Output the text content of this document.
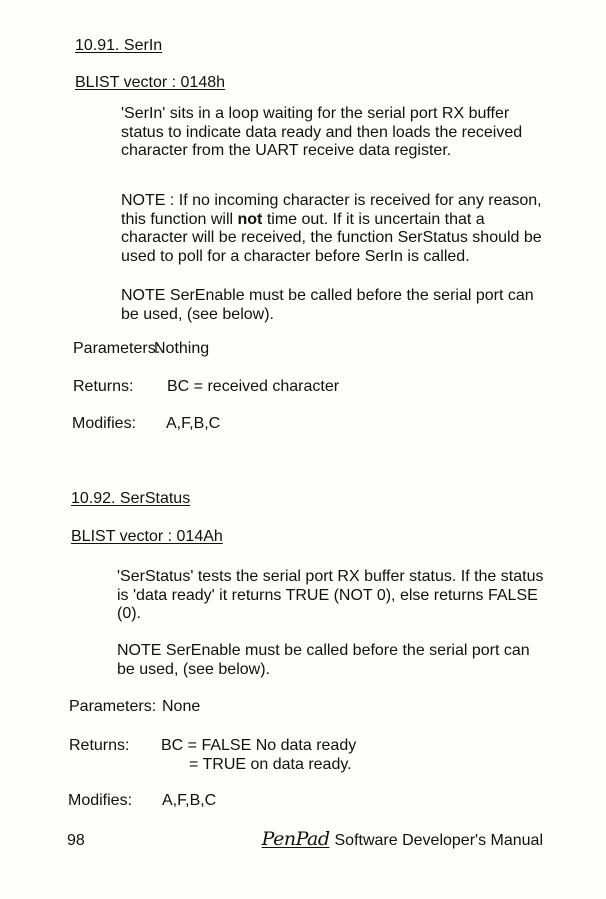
10.91. SerIn
BLIST vector : 0148h
'SerIn' sits in a loop waiting for the serial port RX buffer status to indicate data ready and then loads the received character from the UART receive data register.
NOTE : If no incoming character is received for any reason, this function will not time out. If it is uncertain that a character will be received, the function SerStatus should be used to poll for a character before SerIn is called.
NOTE SerEnable must be called before the serial port can be used, (see below).
Parameters:
Nothing
Returns: BC = received character
Modifies: A,F,B,C
10.92. SerStatus
BLIST vector : 014Ah
'SerStatus' tests the serial port RX buffer status. If the status is 'data ready' it returns TRUE (NOT 0), else returns FALSE (0).
NOTE SerEnable must be called before the serial port can be used, (see below).
Parameters: None
Returns: BC = FALSE No data ready
= TRUE on data ready.
Modifies: A,F,B,C
98	PenPad Software Developer's Manual
